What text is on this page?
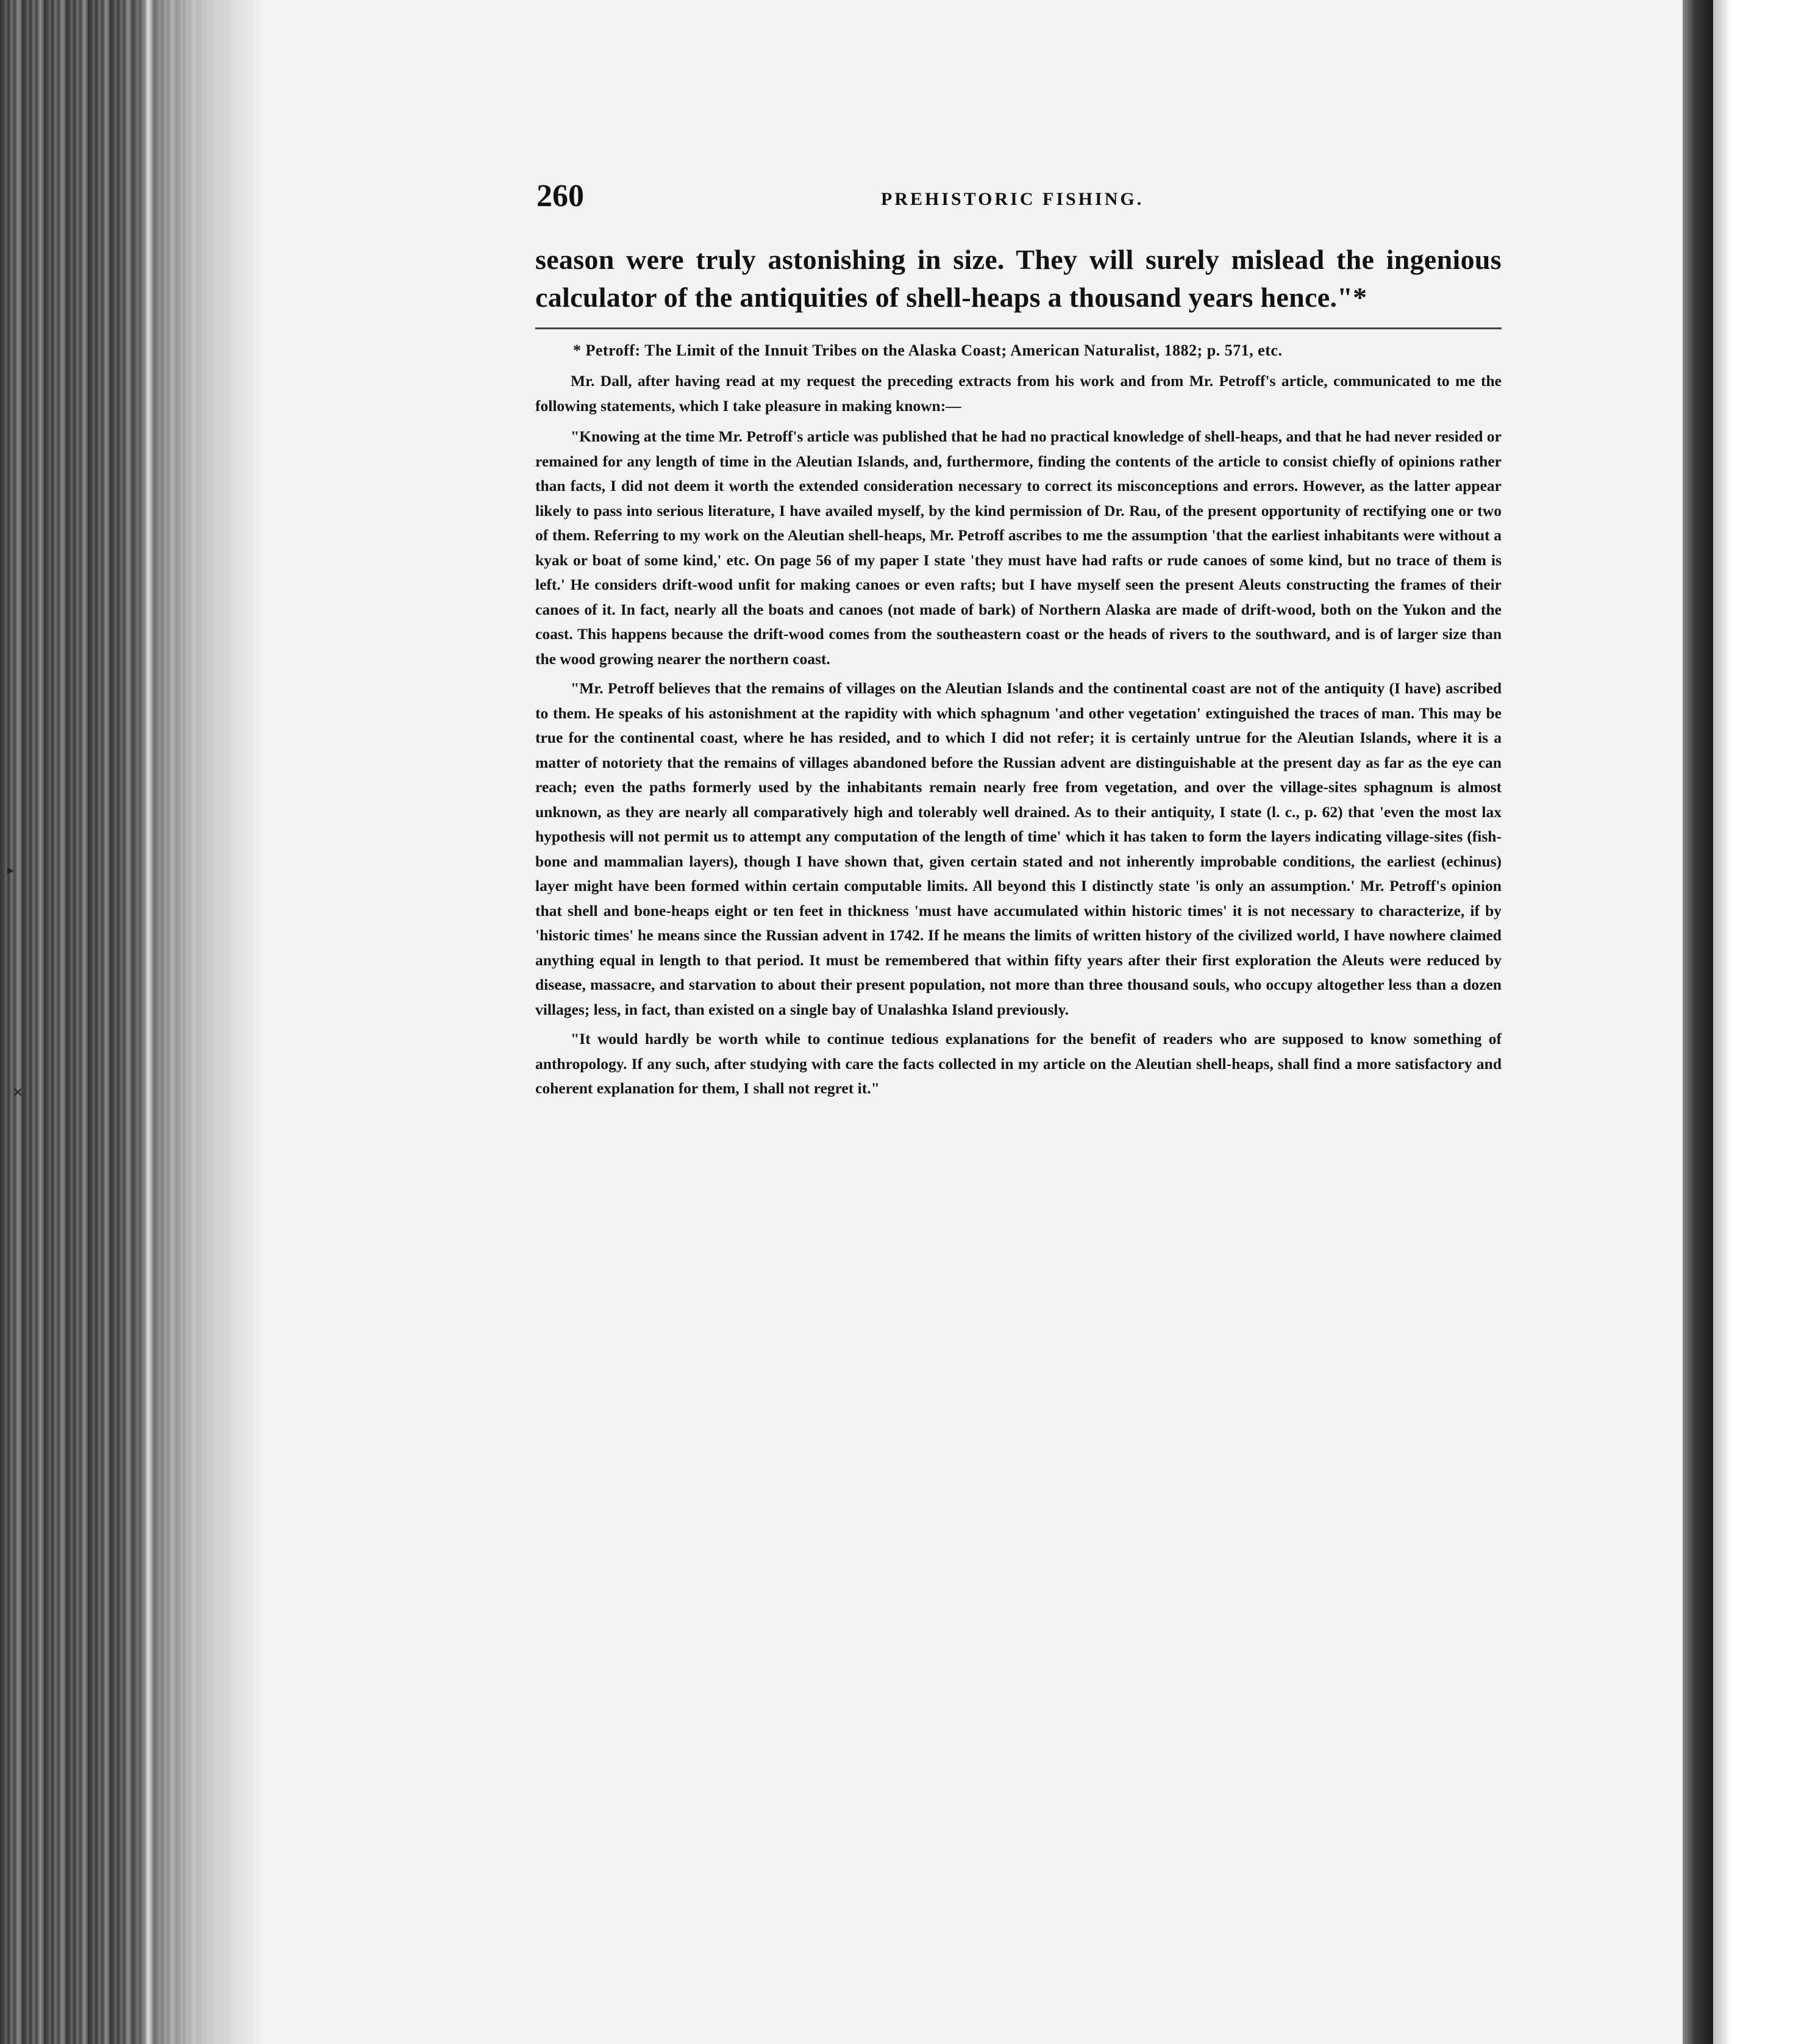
▸
✕
260	PREHISTORIC FISHING.
season were truly astonishing in size. They will surely mislead the ingenious calculator of the antiquities of shell-heaps a thousand years hence."*
* Petroff: The Limit of the Innuit Tribes on the Alaska Coast; American Naturalist, 1882; p. 571, etc.

Mr. Dall, after having read at my request the preceding extracts from his work and from Mr. Petroff's article, communicated to me the following statements, which I take pleasure in making known:—

"Knowing at the time Mr. Petroff's article was published that he had no practical knowledge of shell-heaps, and that he had never resided or remained for any length of time in the Aleutian Islands, and, furthermore, finding the contents of the article to consist chiefly of opinions rather than facts, I did not deem it worth the extended consideration necessary to correct its misconceptions and errors. However, as the latter appear likely to pass into serious literature, I have availed myself, by the kind permission of Dr. Rau, of the present opportunity of rectifying one or two of them. Referring to my work on the Aleutian shell-heaps, Mr. Petroff ascribes to me the assumption 'that the earliest inhabitants were without a kyak or boat of some kind,' etc. On page 56 of my paper I state 'they must have had rafts or rude canoes of some kind, but no trace of them is left.' He considers drift-wood unfit for making canoes or even rafts; but I have myself seen the present Aleuts constructing the frames of their canoes of it. In fact, nearly all the boats and canoes (not made of bark) of Northern Alaska are made of drift-wood, both on the Yukon and the coast. This happens because the drift-wood comes from the southeastern coast or the heads of rivers to the southward, and is of larger size than the wood growing nearer the northern coast.

"Mr. Petroff believes that the remains of villages on the Aleutian Islands and the continental coast are not of the antiquity (I have) ascribed to them. He speaks of his astonishment at the rapidity with which sphagnum 'and other vegetation' extinguished the traces of man. This may be true for the continental coast, where he has resided, and to which I did not refer; it is certainly untrue for the Aleutian Islands, where it is a matter of notoriety that the remains of villages abandoned before the Russian advent are distinguishable at the present day as far as the eye can reach; even the paths formerly used by the inhabitants remain nearly free from vegetation, and over the village-sites sphagnum is almost unknown, as they are nearly all comparatively high and tolerably well drained. As to their antiquity, I state (l. c., p. 62) that 'even the most lax hypothesis will not permit us to attempt any computation of the length of time' which it has taken to form the layers indicating village-sites (fish-bone and mammalian layers), though I have shown that, given certain stated and not inherently improbable conditions, the earliest (echinus) layer might have been formed within certain computable limits. All beyond this I distinctly state 'is only an assumption.' Mr. Petroff's opinion that shell and bone-heaps eight or ten feet in thickness 'must have accumulated within historic times' it is not necessary to characterize, if by 'historic times' he means since the Russian advent in 1742. If he means the limits of written history of the civilized world, I have nowhere claimed anything equal in length to that period. It must be remembered that within fifty years after their first exploration the Aleuts were reduced by disease, massacre, and starvation to about their present population, not more than three thousand souls, who occupy altogether less than a dozen villages; less, in fact, than existed on a single bay of Unalashka Island previously.

"It would hardly be worth while to continue tedious explanations for the benefit of readers who are supposed to know something of anthropology. If any such, after studying with care the facts collected in my article on the Aleutian shell-heaps, shall find a more satisfactory and coherent explanation for them, I shall not regret it."
